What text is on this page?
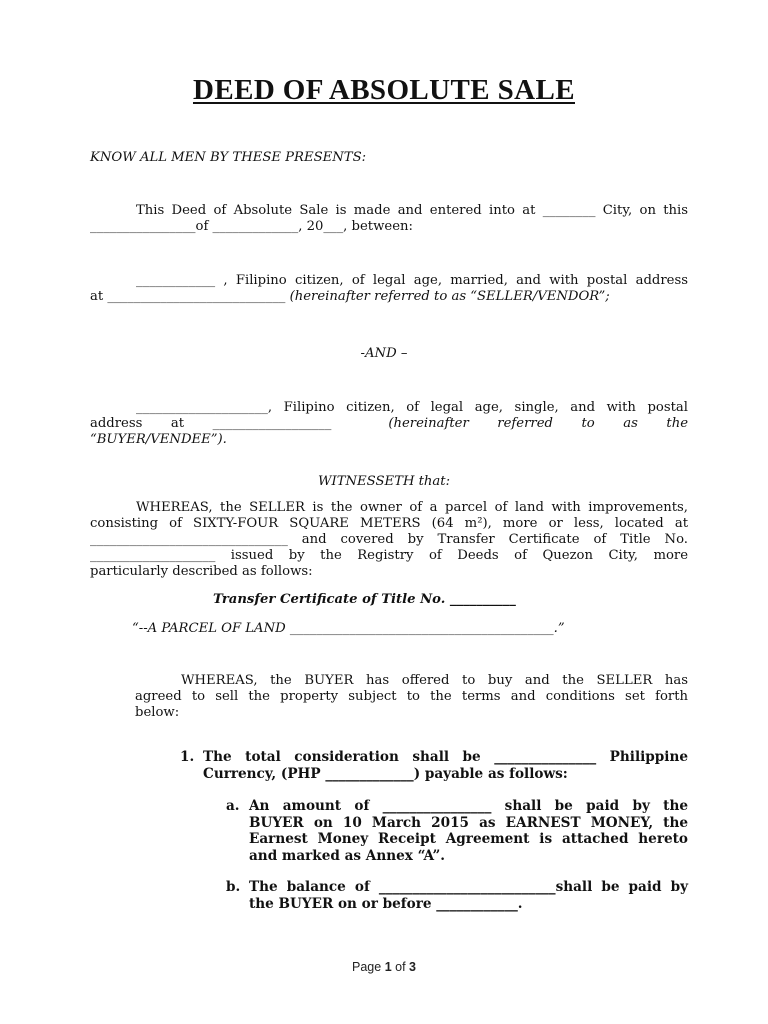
DEED OF ABSOLUTE SALE
KNOW ALL MEN BY THESE PRESENTS:
This Deed of Absolute Sale is made and entered into at ________ City, on this
________________of _____________, 20___, between:
____________ , Filipino citizen, of legal age, married, and with postal address
at ___________________________ (hereinafter referred to as “SELLER/VENDOR”;
-AND –
____________________, Filipino citizen, of legal age, single, and with postal
address at __________________	(hereinafter referred to as the
“BUYER/VENDEE”).
WITNESSETH that:
WHEREAS, the SELLER is the owner of a parcel of land with improvements,
consisting of SIXTY-FOUR SQUARE METERS (64 m²), more or less, located at
______________________________ and covered by Transfer Certificate of Title No.
___________________ issued by the Registry of Deeds of Quezon City, more
particularly described as follows:
Transfer Certificate of Title No. __________
“--A PARCEL OF LAND ________________________________________.”
WHEREAS, the BUYER has offered to buy and the SELLER has
agreed to sell the property subject to the terms and conditions set forth
below:
1. The total consideration shall be _______________ Philippine
Currency, (PHP _____________) payable as follows:
a. An amount of ________________ shall be paid by the
BUYER on 10 March 2015 as EARNEST MONEY, the
Earnest Money Receipt Agreement is attached hereto
and marked as Annex “A”.
b. The balance of __________________________shall be paid by
the BUYER on or before ____________.
Page 1 of 3
